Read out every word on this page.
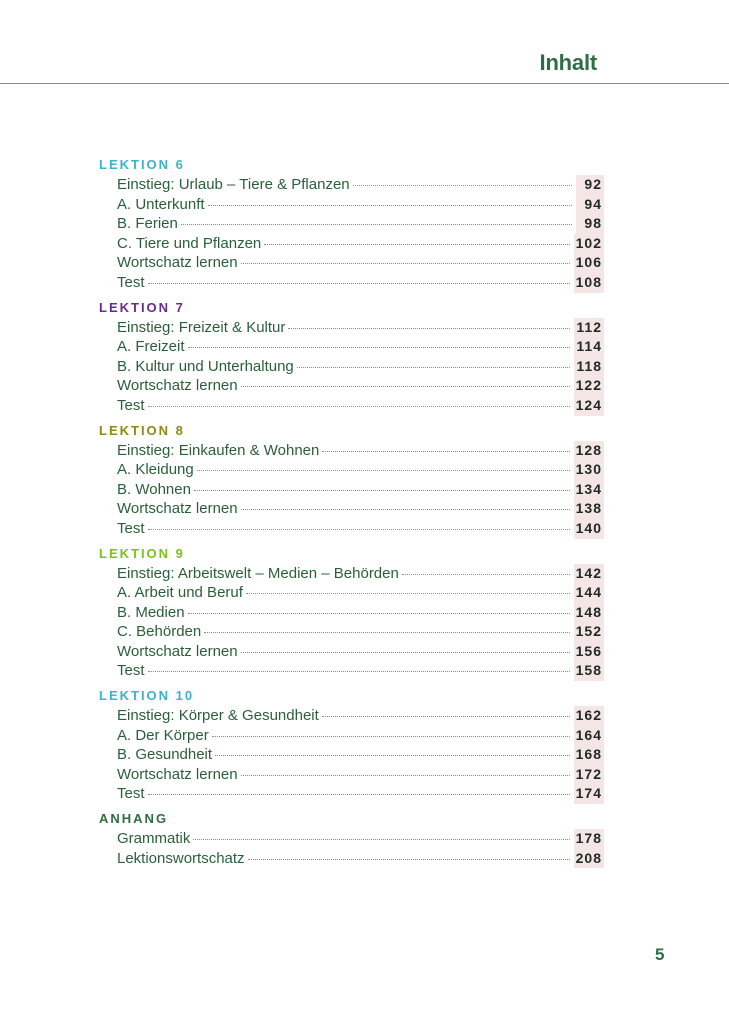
Inhalt
LEKTION 6
Einstieg: Urlaub – Tiere & Pflanzen	92
A. Unterkunft	94
B. Ferien	98
C. Tiere und Pflanzen	102
Wortschatz lernen	106
Test	108
LEKTION 7
Einstieg: Freizeit & Kultur	112
A. Freizeit	114
B. Kultur und Unterhaltung	118
Wortschatz lernen	122
Test	124
LEKTION 8
Einstieg: Einkaufen & Wohnen	128
A. Kleidung	130
B. Wohnen	134
Wortschatz lernen	138
Test	140
LEKTION 9
Einstieg: Arbeitswelt – Medien – Behörden	142
A. Arbeit und Beruf	144
B. Medien	148
C. Behörden	152
Wortschatz lernen	156
Test	158
LEKTION 10
Einstieg: Körper & Gesundheit	162
A. Der Körper	164
B. Gesundheit	168
Wortschatz lernen	172
Test	174
ANHANG
Grammatik	178
Lektionswortschatz	208
5
